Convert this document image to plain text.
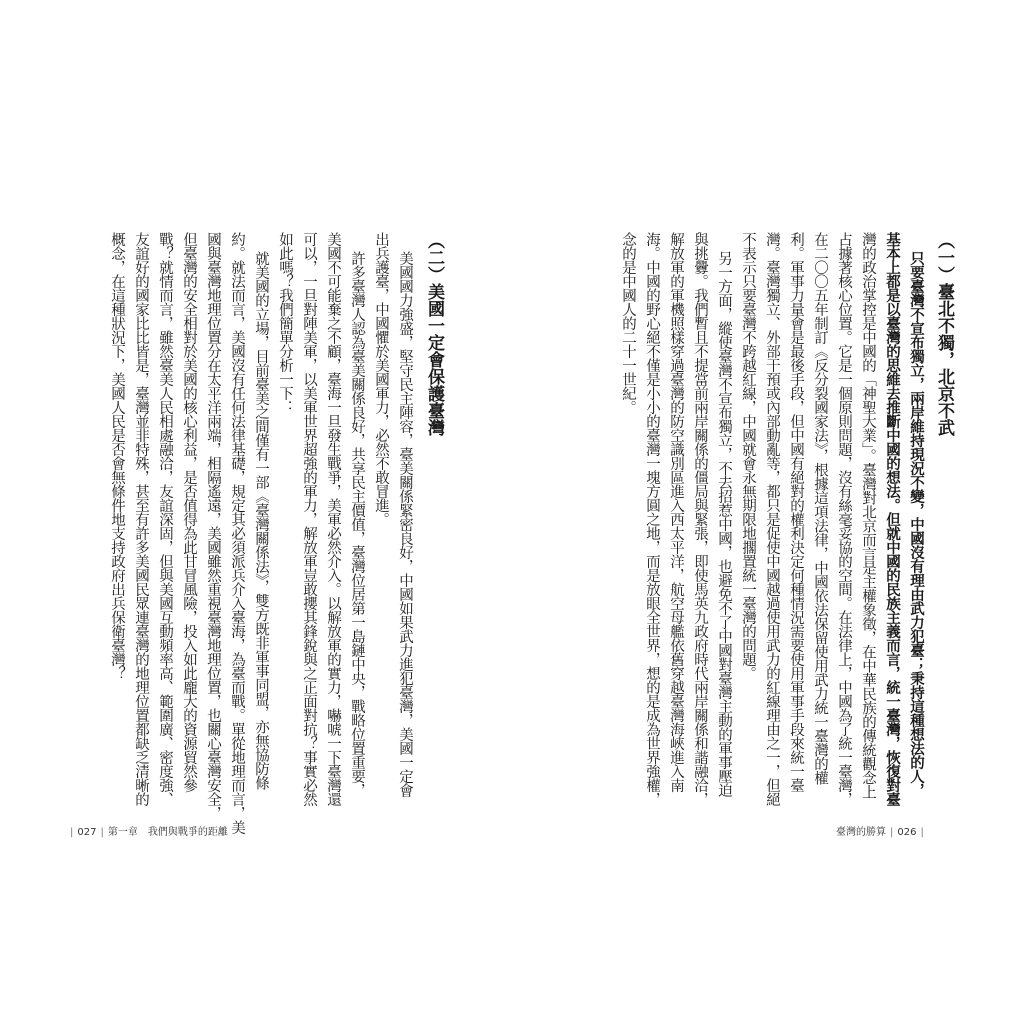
（一）臺北不獨，北京不武
只要臺灣不宣布獨立，兩岸維持現況不變，中國沒有理由武力犯臺；秉持這種想法的人，
基本上都是以臺灣的思維去推斷中國的想法。但就中國的民族主義而言，統一臺灣，恢復對臺
灣的政治掌控是中國的「神聖大業」。臺灣對北京而言是主權象徵，在中華民族的傳統觀念上
占據著核心位置。它是一個原則問題，沒有絲毫妥協的空間。在法律上，中國為了統一臺灣，
在二〇〇五年制訂《反分裂國家法》，根據這項法律，中國依法保留使用武力統一臺灣的權
利。軍事力量會是最後手段，但中國有絕對的權利決定何種情況需要使用軍事手段來統一臺
灣。臺灣獨立、外部干預或內部動亂等，都只是促使中國越過使用武力的紅線理由之一，但絕
不表示只要臺灣不跨越紅線，中國就會永無期限地擱置統一臺灣的問題。
另一方面，縱使臺灣不宣布獨立，不去招惹中國，也避免不了中國對臺灣主動的軍事壓迫
與挑釁。我們暫且不提當前兩岸關係的僵局與緊張，即使馬英九政府時代兩岸關係和諧融洽，
解放軍的軍機照樣穿過臺灣的防空識別區進入西太平洋，航空母艦依舊穿越臺灣海峽進入南
海。中國的野心絕不僅是小小的臺灣一塊方圓之地，而是放眼全世界，想的是成為世界強權，
念的是中國人的二十一世紀。
臺灣的勝算 | 026 |
（二）美國一定會保護臺灣
美國國力強盛，堅守民主陣容，臺美關係緊密良好，中國如果武力進犯臺灣，美國一定會
出兵護臺，中國懼於美國軍力，必然不敢冒進。
許多臺灣人認為臺美關係良好，共享民主價值，臺灣位居第一島鏈中央，戰略位置重要，
美國不可能棄之不顧，臺海一旦發生戰爭，美軍必然介入。以解放軍的實力，嚇唬一下臺灣還
可以，一旦對陣美軍，以美軍世界超強的軍力，解放軍豈敢攖其鋒銳與之正面對抗？事實必然
如此嗎？我們簡單分析一下：
就美國的立場，目前臺美之間僅有一部《臺灣關係法》，雙方既非軍事同盟，亦無協防條
約。就法而言，美國沒有任何法律基礎，規定其必須派兵介入臺海，為臺而戰。單從地理而言，美
國與臺灣地理位置分在太平洋兩端，相隔遙遠，美國雖然重視臺灣地理位置，也關心臺灣安全，
但臺灣的安全相對於美國的核心利益，是否值得為此甘冒風險，投入如此龐大的資源貿然參
戰？就情而言，雖然臺美人民相處融洽，友誼深固，但與美國互動頻率高、範圍廣、密度強、
友誼好的國家比比皆是，臺灣並非特殊，甚至有許多美國民眾連臺灣的地理位置都缺乏清晰的
概念，在這種狀況下，美國人民是否會無條件地支持政府出兵保衛臺灣？
| 027 | 第一章　我們與戰爭的距離
